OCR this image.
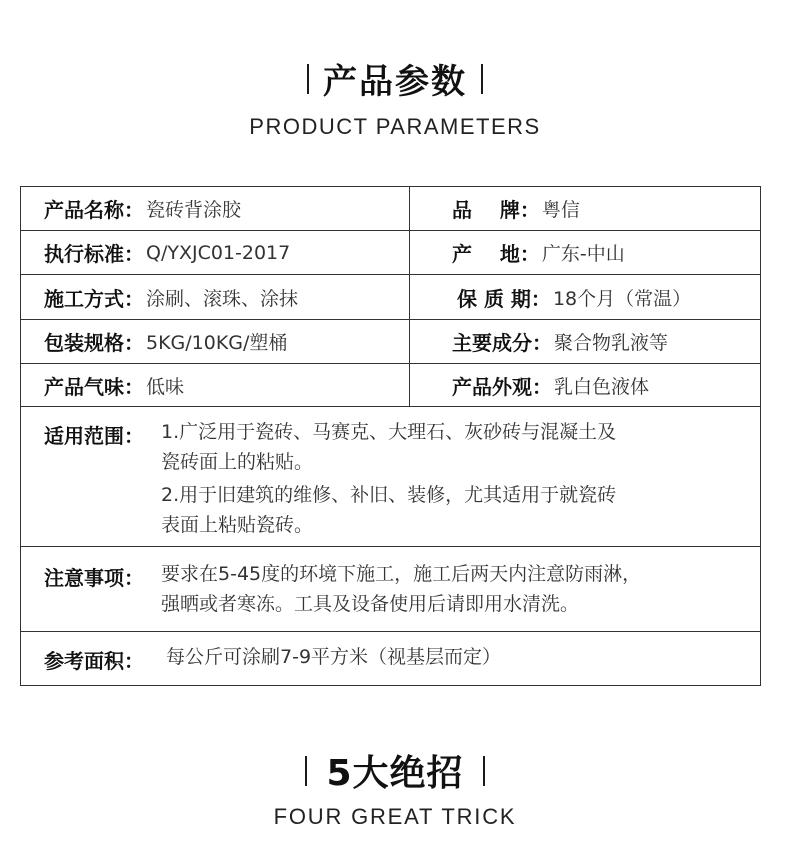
产品参数
PRODUCT PARAMETERS
产品名称： 瓷砖背涂胶	品    牌： 粤信
执行标准： Q/YXJC01-2017	产    地： 广东-中山
施工方式： 涂刷、滚珠、涂抹	保 质 期： 18个月（常温）
包装规格： 5KG/10KG/塑桶	主要成分： 聚合物乳液等
产品气味： 低味	产品外观： 乳白色液体
适用范围： 1.广泛用于瓷砖、马赛克、大理石、灰砂砖与混凝土及
瓷砖面上的粘贴。
2.用于旧建筑的维修、补旧、装修，尤其适用于就瓷砖
表面上粘贴瓷砖。
注意事项： 要求在5-45度的环境下施工，施工后两天内注意防雨淋，
强晒或者寒冻。工具及设备使用后请即用水清洗。
参考面积： 每公斤可涂刷7-9平方米（视基层而定）
5大绝招
FOUR GREAT TRICK
